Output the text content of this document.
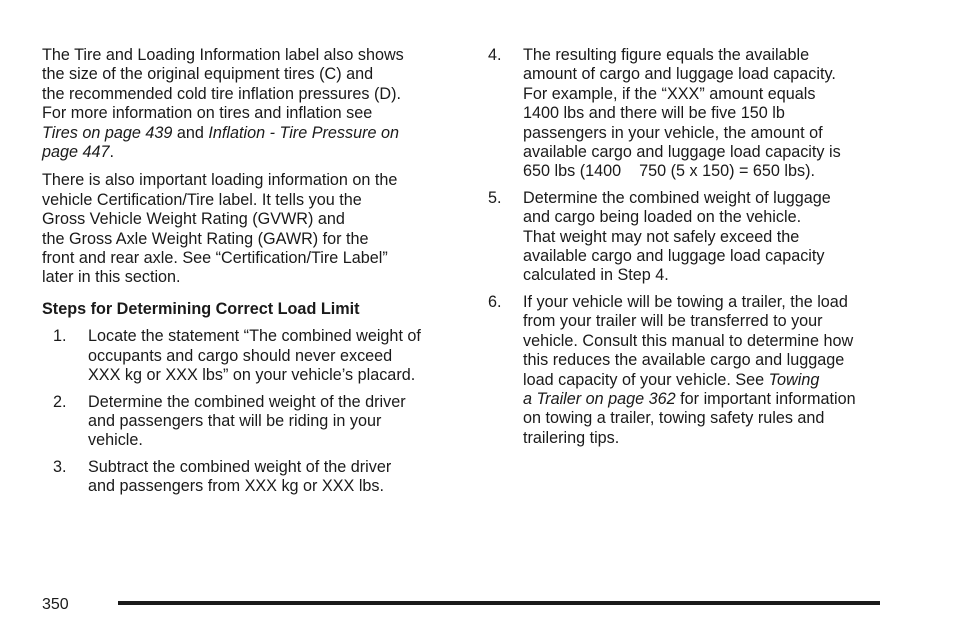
The Tire and Loading Information label also shows
the size of the original equipment tires (C) and
the recommended cold tire inflation pressures (D).
For more information on tires and inflation see
Tires on page 439 and Inflation - Tire Pressure on
page 447.

There is also important loading information on the
vehicle Certification/Tire label. It tells you the
Gross Vehicle Weight Rating (GVWR) and
the Gross Axle Weight Rating (GAWR) for the
front and rear axle. See “Certification/Tire Label”
later in this section.

Steps for Determining Correct Load Limit
1. Locate the statement “The combined weight of
occupants and cargo should never exceed
XXX kg or XXX lbs” on your vehicle’s placard.
2. Determine the combined weight of the driver
and passengers that will be riding in your
vehicle.
3. Subtract the combined weight of the driver
and passengers from XXX kg or XXX lbs.
4. The resulting figure equals the available
amount of cargo and luggage load capacity.
For example, if the “XXX” amount equals
1400 lbs and there will be five 150 lb
passengers in your vehicle, the amount of
available cargo and luggage load capacity is
650 lbs (1400    750 (5 x 150) = 650 lbs).
5. Determine the combined weight of luggage
and cargo being loaded on the vehicle.
That weight may not safely exceed the
available cargo and luggage load capacity
calculated in Step 4.
6. If your vehicle will be towing a trailer, the load
from your trailer will be transferred to your
vehicle. Consult this manual to determine how
this reduces the available cargo and luggage
load capacity of your vehicle. See Towing
a Trailer on page 362 for important information
on towing a trailer, towing safety rules and
trailering tips.
350
